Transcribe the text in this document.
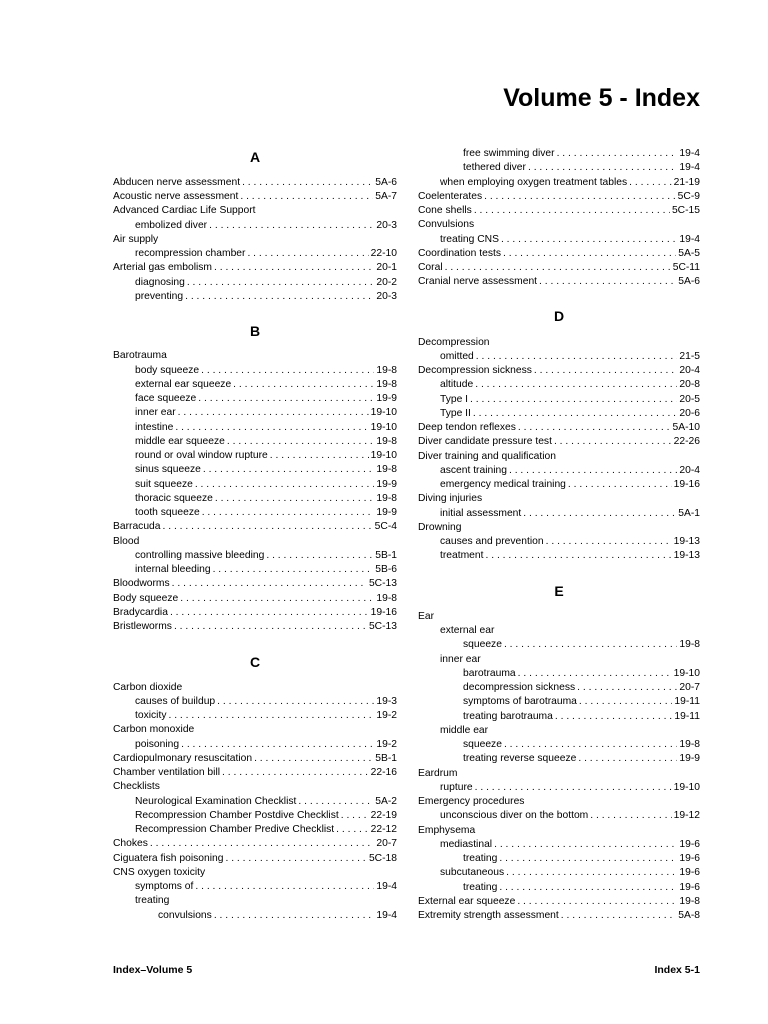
Volume 5 - Index
A
Abducen nerve assessment . . .	5A-6
Acoustic nerve assessment . . .	5A-7
Advanced Cardiac Life Support
embolized diver . . .	20-3
Air supply
recompression chamber . . .	22-10
Arterial gas embolism . . .	20-1
diagnosing . . .	20-2
preventing . . .	20-3
B
Barotrauma
body squeeze . . .	19-8
external ear squeeze . . .	19-8
face squeeze . . .	19-9
inner ear . . .	19-10
intestine . . .	19-10
middle ear squeeze . . .	19-8
round or oval window rupture . . .	19-10
sinus squeeze . . .	19-8
suit squeeze . . .	19-9
thoracic squeeze . . .	19-8
tooth squeeze . . .	19-9
Barracuda . . .	5C-4
Blood
controlling massive bleeding . . .	5B-1
internal bleeding . . .	5B-6
Bloodworms . . .	5C-13
Body squeeze . . .	19-8
Bradycardia . . .	19-16
Bristleworms . . .	5C-13
C
Carbon dioxide
causes of buildup . . .	19-3
toxicity . . .	19-2
Carbon monoxide
poisoning . . .	19-2
Cardiopulmonary resuscitation . . .	5B-1
Chamber ventilation bill . . .	22-16
Checklists
Neurological Examination Checklist . . .	5A-2
Recompression Chamber Postdive Checklist . . .	22-19
Recompression Chamber Predive Checklist . . .	22-12
Chokes . . .	20-7
Ciguatera fish poisoning . . .	5C-18
CNS oxygen toxicity
symptoms of . . .	19-4
treating
convulsions . . .	19-4
free swimming diver . . .	19-4
tethered diver . . .	19-4
when employing oxygen treatment tables . . .	21-19
Coelenterates . . .	5C-9
Cone shells . . .	5C-15
Convulsions
treating CNS . . .	19-4
Coordination tests . . .	5A-5
Coral . . .	5C-11
Cranial nerve assessment . . .	5A-6
D
Decompression
omitted . . .	21-5
Decompression sickness . . .	20-4
altitude . . .	20-8
Type I . . .	20-5
Type II . . .	20-6
Deep tendon reflexes . . .	5A-10
Diver candidate pressure test . . .	22-26
Diver training and qualification
ascent training . . .	20-4
emergency medical training . . .	19-16
Diving injuries
initial assessment . . .	5A-1
Drowning
causes and prevention . . .	19-13
treatment . . .	19-13
E
Ear
external ear
squeeze . . .	19-8
inner ear
barotrauma . . .	19-10
decompression sickness . . .	20-7
symptoms of barotrauma . . .	19-11
treating barotrauma . . .	19-11
middle ear
squeeze . . .	19-8
treating reverse squeeze . . .	19-9
Eardrum
rupture . . .	19-10
Emergency procedures
unconscious diver on the bottom . . .	19-12
Emphysema
mediastinal . . .	19-6
treating . . .	19-6
subcutaneous . . .	19-6
treating . . .	19-6
External ear squeeze . . .	19-8
Extremity strength assessment . . .	5A-8
Index–Volume 5	Index 5-1
